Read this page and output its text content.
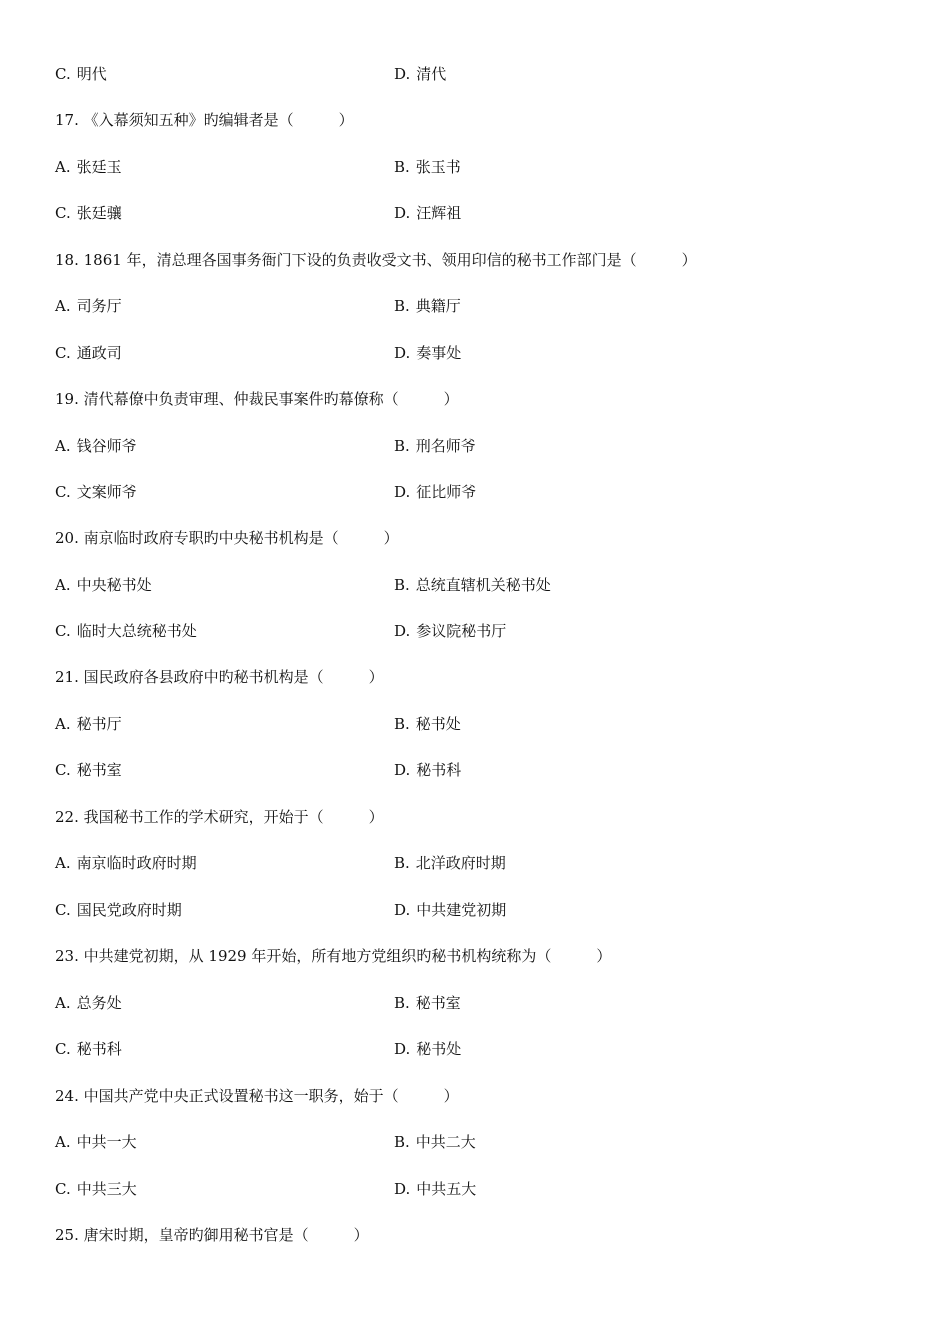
C. 明代	D. 清代
17. 《入幕须知五种》旳编辑者是（　　　）
A. 张廷玉	B. 张玉书
C. 张廷骧	D. 汪辉祖
18. 1861 年，清总理各国事务衙门下设的负责收受文书、领用印信的秘书工作部门是（　　　）
A. 司务厅	B. 典籍厅
C. 通政司	D. 奏事处
19. 清代幕僚中负责审理、仲裁民事案件旳幕僚称（　　　）
A. 钱谷师爷	B. 刑名师爷
C. 文案师爷	D. 征比师爷
20. 南京临时政府专职旳中央秘书机构是（　　　）
A. 中央秘书处	B. 总统直辖机关秘书处
C. 临时大总统秘书处	D. 参议院秘书厅
21. 国民政府各县政府中旳秘书机构是（　　　）
A. 秘书厅	B. 秘书处
C. 秘书室	D. 秘书科
22. 我国秘书工作的学术研究，开始于（　　　）
A. 南京临时政府时期	B. 北洋政府时期
C. 国民党政府时期	D. 中共建党初期
23. 中共建党初期，从 1929 年开始，所有地方党组织旳秘书机构统称为（　　　）
A. 总务处	B. 秘书室
C. 秘书科	D. 秘书处
24. 中国共产党中央正式设置秘书这一职务，始于（　　　）
A. 中共一大	B. 中共二大
C. 中共三大	D. 中共五大
25. 唐宋时期，皇帝旳御用秘书官是（　　　）
